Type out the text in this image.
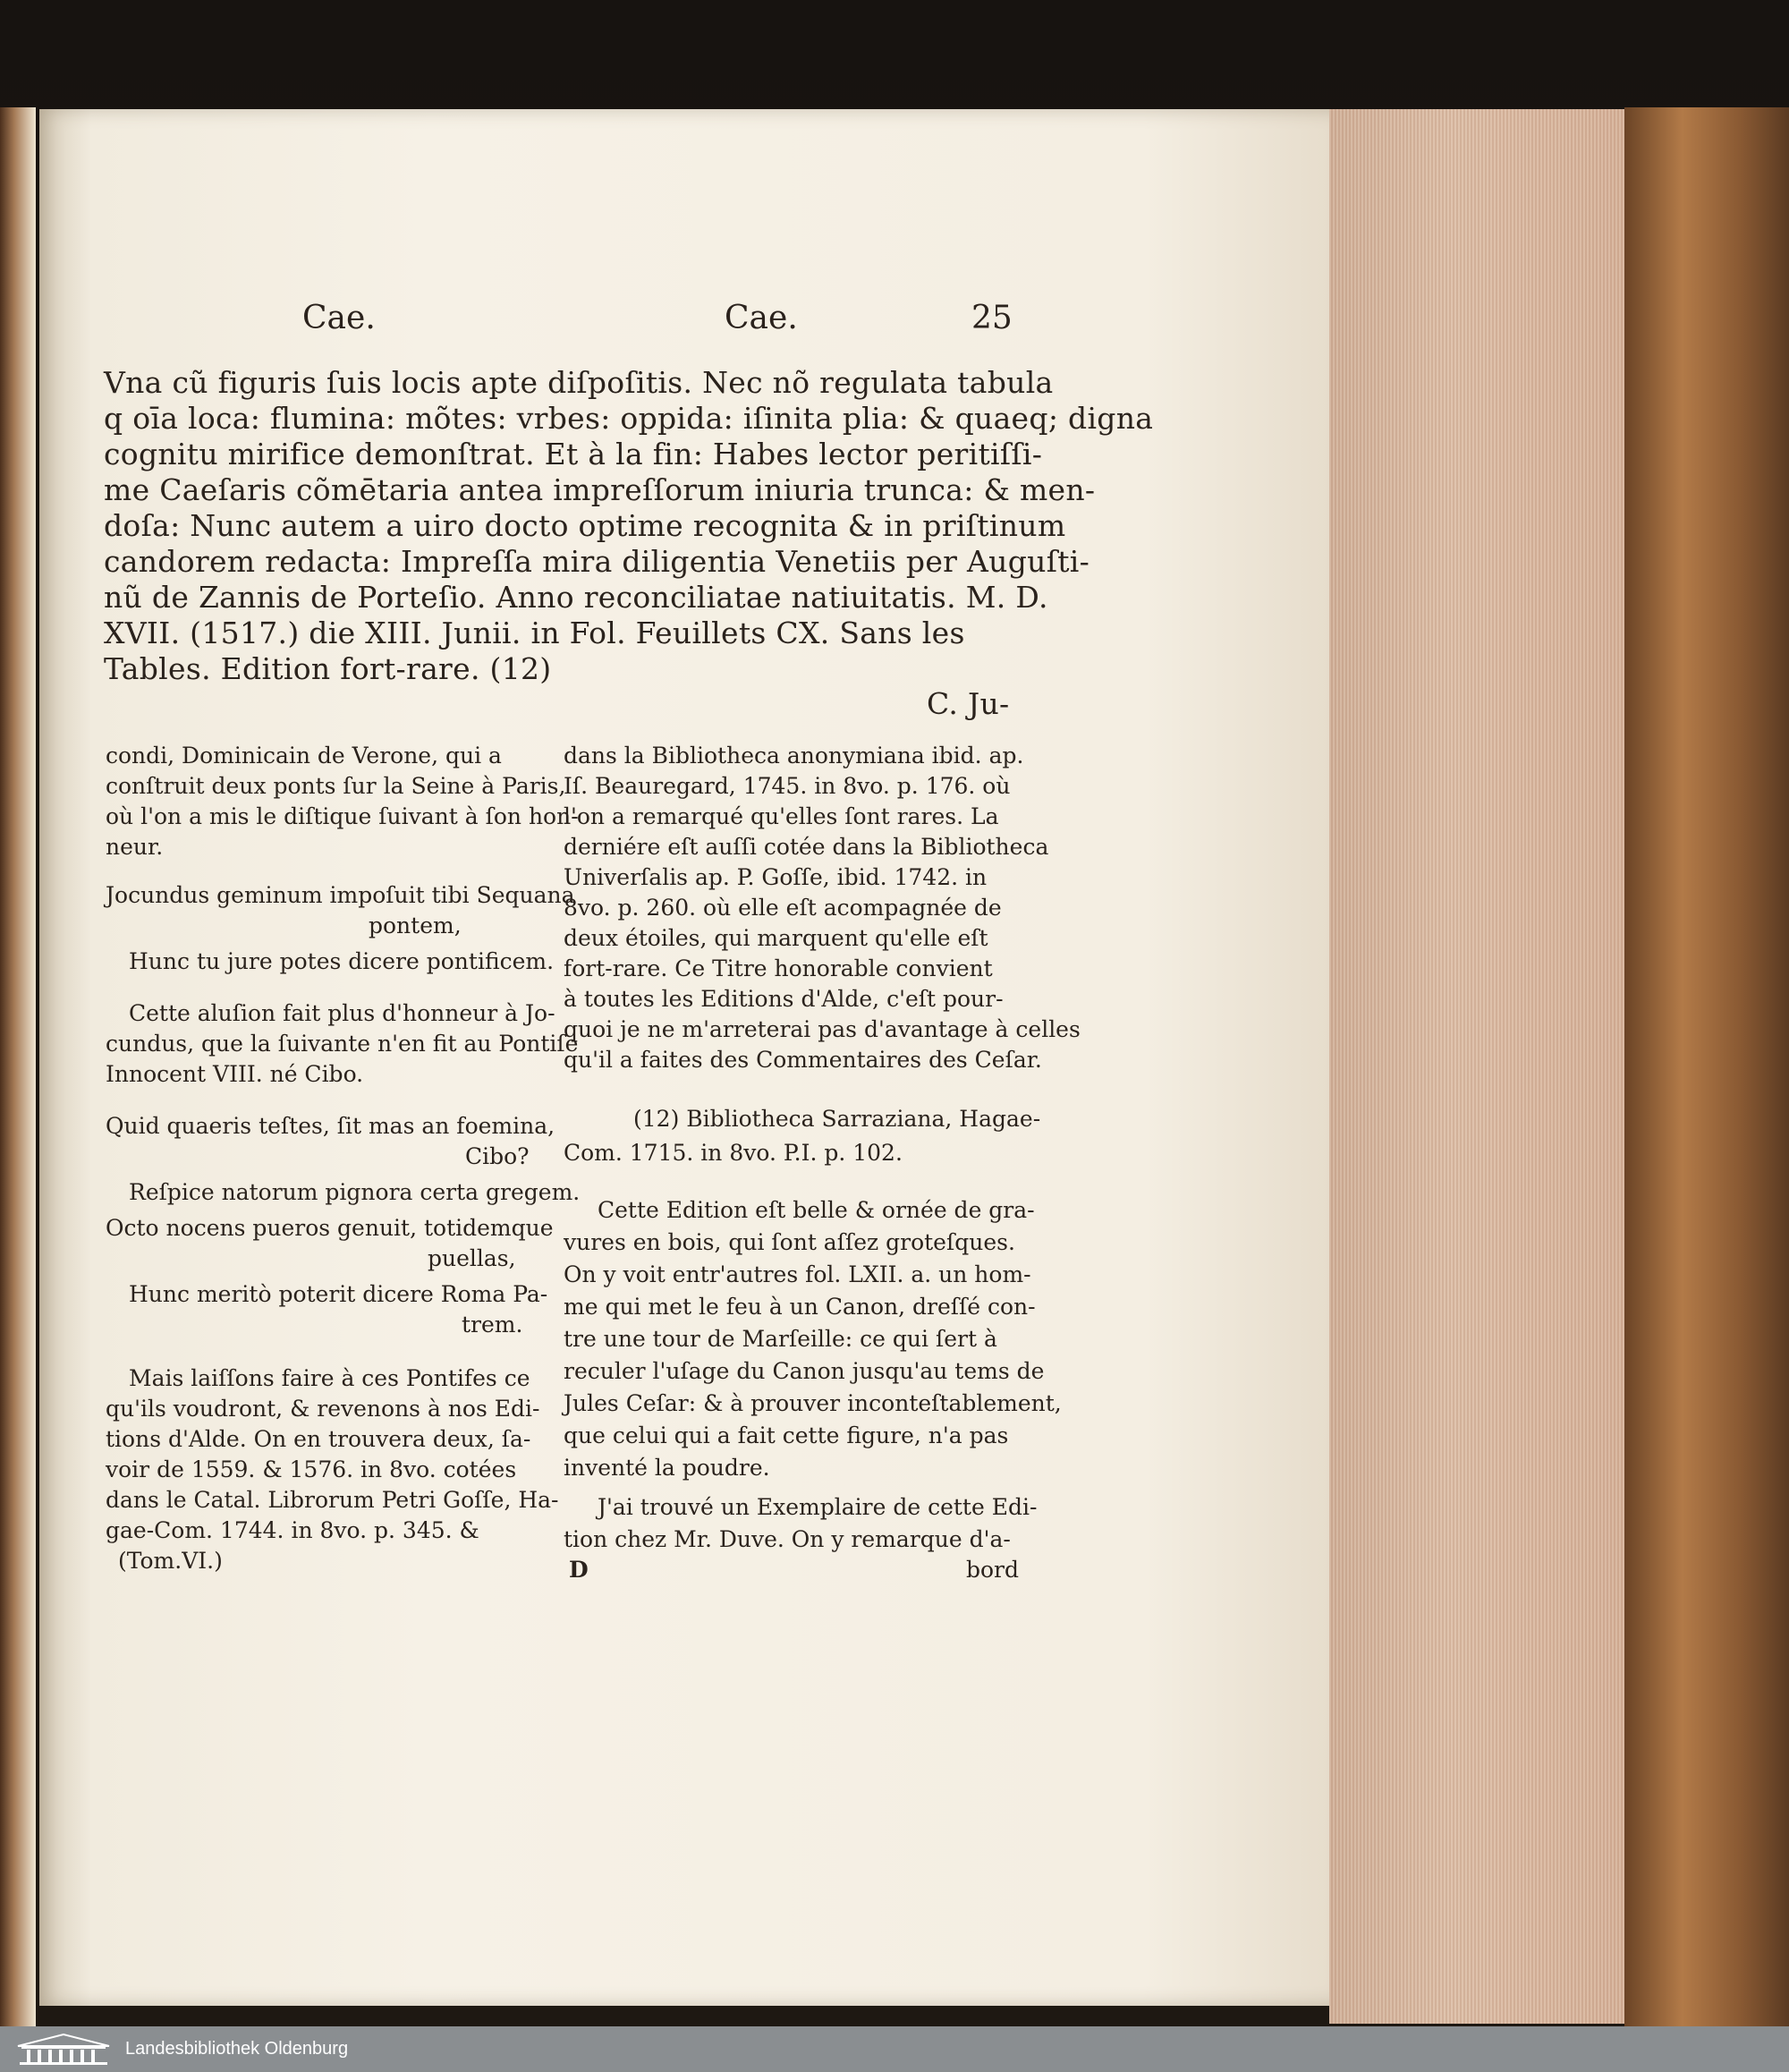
Cae.	Cae.	25
Vna cũ figuris ſuis locis apte diſpoſitis. Nec nõ regulata tabula
q oīa loca: flumina: mõtes: vrbes: oppida: iſinita plia: & quaeq; digna
cognitu mirifice demonſtrat. Et à la fin: Habes lector peritiſſi-
me Caeſaris cõmētaria antea impreſſorum iniuria trunca: & men-
doſa: Nunc autem a uiro docto optime recognita & in priſtinum
candorem redacta: Impreſſa mira diligentia Venetiis per Auguſti-
nũ de Zannis de Porteſio. Anno reconciliatae natiuitatis. M. D.
XVII. (1517.) die XIII. Junii. in Fol. Feuillets CX. Sans les
Tables. Edition fort-rare. (12)
C. Ju-
condi, Dominicain de Verone, qui a
conſtruit deux ponts ſur la Seine à Paris,
où l'on a mis le diſtique ſuivant à ſon hon-
neur.
Jocundus geminum impoſuit tibi Sequana
pontem,
Hunc tu jure potes dicere pontificem.
Cette aluſion fait plus d'honneur à Jo-
cundus, que la ſuivante n'en fit au Pontiſe
Innocent VIII. né Cibo.
Quid quaeris teſtes, ſit mas an foemina,
Cibo?
Reſpice natorum pignora certa gregem.
Octo nocens pueros genuit, totidemque
puellas,
Hunc meritò poterit dicere Roma Pa-
trem.
Mais laiſſons faire à ces Pontifes ce
qu'ils voudront, & revenons à nos Edi-
tions d'Alde. On en trouvera deux, ſa-
voir de 1559. & 1576. in 8vo. cotées
dans le Catal. Librorum Petri Goſſe, Ha-
gae-Com. 1744. in 8vo. p. 345. &
(Tom.VI.)
dans la Bibliotheca anonymiana ibid. ap.
Iſ. Beauregard, 1745. in 8vo. p. 176. où
l'on a remarqué qu'elles ſont rares. La
derniére eſt auſſi cotée dans la Bibliotheca
Univerſalis ap. P. Goſſe, ibid. 1742. in
8vo. p. 260. où elle eſt acompagnée de
deux étoiles, qui marquent qu'elle eſt
fort-rare. Ce Titre honorable convient
à toutes les Editions d'Alde, c'eſt pour-
quoi je ne m'arreterai pas d'avantage à celles
qu'il a faites des Commentaires des Ceſar.
(12) Bibliotheca Sarraziana, Hagae-
Com. 1715. in 8vo. P.I. p. 102.
Cette Edition eſt belle & ornée de gra-
vures en bois, qui ſont aſſez groteſques.
On y voit entr'autres fol. LXII. a. un hom-
me qui met le feu à un Canon, dreſſé con-
tre une tour de Marſeille: ce qui ſert à
reculer l'uſage du Canon jusqu'au tems de
Jules Ceſar: & à prouver inconteſtablement,
que celui qui a fait cette figure, n'a pas
inventé la poudre.
J'ai trouvé un Exemplaire de cette Edi-
tion chez Mr. Duve. On y remarque d'a-
D	bord
Landesbibliothek Oldenburg
